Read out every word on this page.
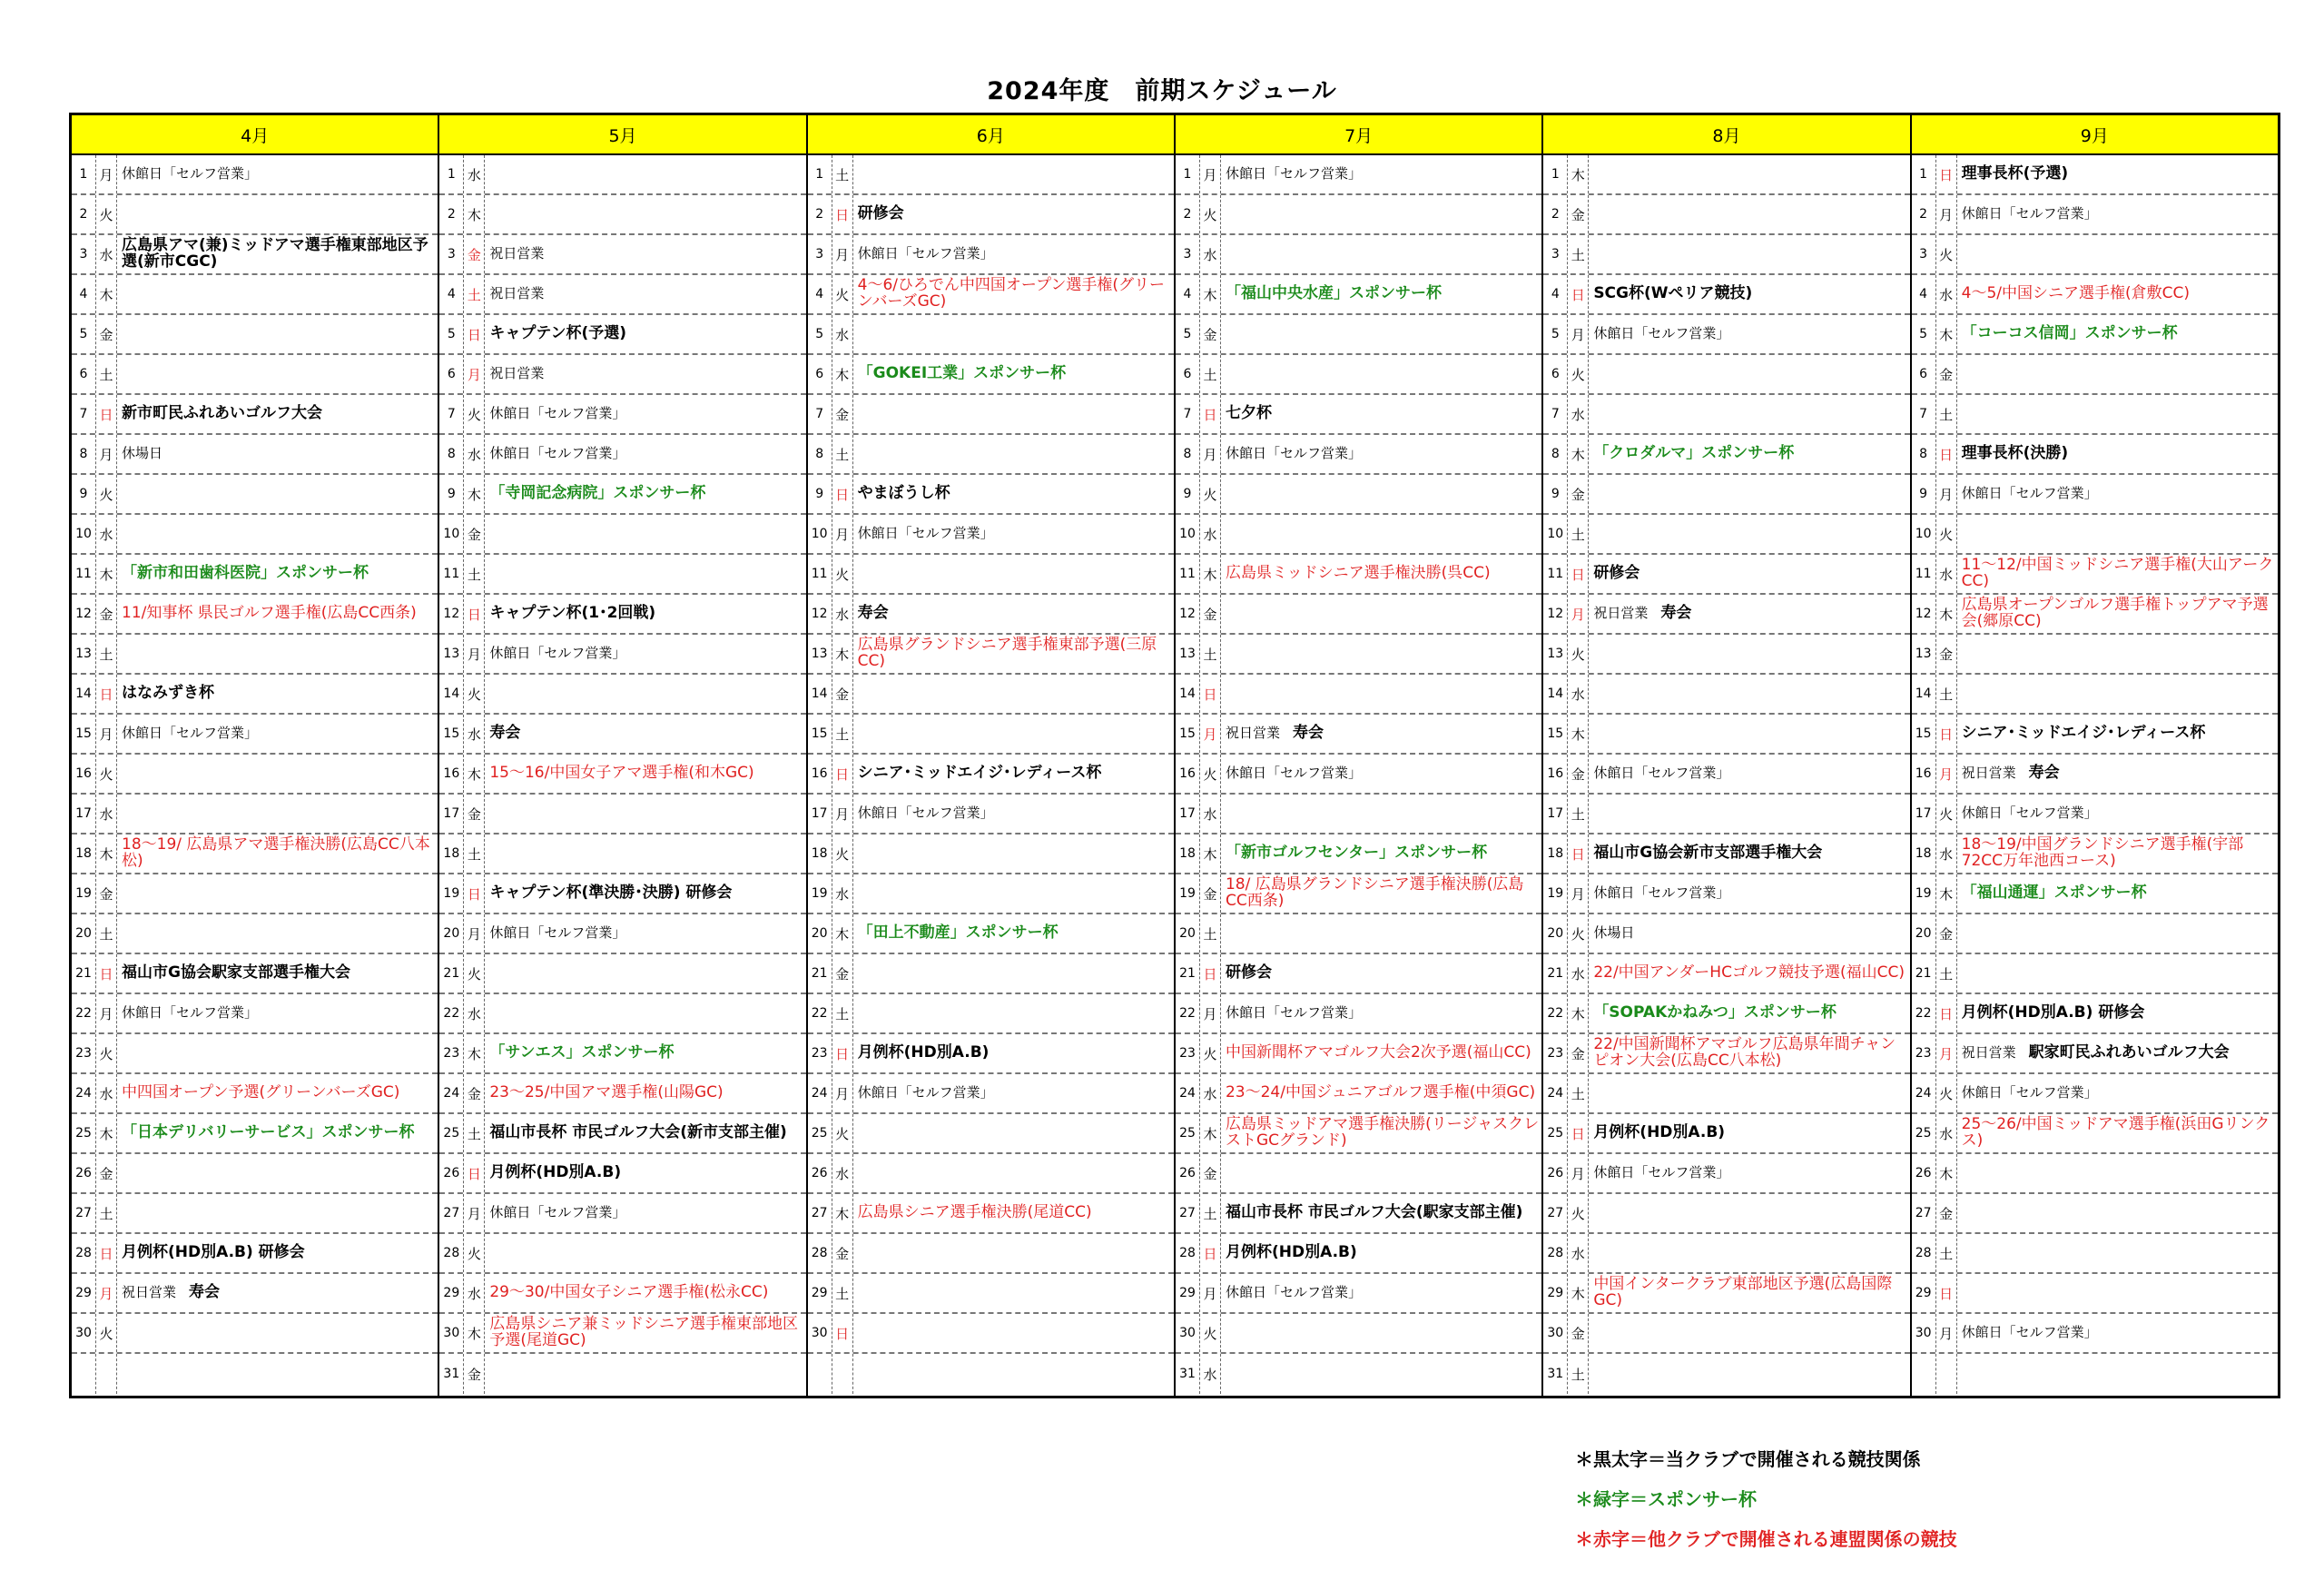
2024年度　前期スケジュール
4月
1 月 休館日「セルフ営業」
2 火
3 水
広島県アマ(兼)ミッドアマ選手権東部地区予選(新市CGC)
4 木
5 金
6 土
7 日 新市町民ふれあいゴルフ大会
8 月 休場日
9 火
10 水
11 木 「新市和田歯科医院」スポンサー杯
12 金 11/知事杯 県民ゴルフ選手権(広島CC西条)
13 土
14 日 はなみずき杯
15 月 休館日「セルフ営業」
16 火
17 水
18 木
18～19/ 広島県アマ選手権決勝(広島CC八本松)
19 金
20 土
21 日 福山市G協会駅家支部選手権大会
22 月 休館日「セルフ営業」
23 火
24 水 中四国オープン予選(グリーンバーズGC)
25 木 「日本デリバリーサービス」スポンサー杯
26 金
27 土
28 日 月例杯(HD別A.B) 研修会
29 月 祝日営業 寿会
30 火
5月
1 水
2 木
3 金 祝日営業
4 土 祝日営業
5 日 キャプテン杯(予選)
6 月 祝日営業
7 火 休館日「セルフ営業」
8 水 休館日「セルフ営業」
9 木 「寺岡記念病院」スポンサー杯
10 金
11 土
12 日 キャプテン杯(1･2回戦)
13 月 休館日「セルフ営業」
14 火
15 水 寿会
16 木 15～16/中国女子アマ選手権(和木GC)
17 金
18 土
19 日 キャプテン杯(準決勝･決勝) 研修会
20 月 休館日「セルフ営業」
21 火
22 水
23 木 「サンエス」スポンサー杯
24 金 23～25/中国アマ選手権(山陽GC)
25 土 福山市長杯 市民ゴルフ大会(新市支部主催)
26 日 月例杯(HD別A.B)
27 月 休館日「セルフ営業」
28 火
29 水 29～30/中国女子シニア選手権(松永CC)
30 木
広島県シニア兼ミッドシニア選手権東部地区予選(尾道GC)
31 金
6月
1 土
2 日 研修会
3 月 休館日「セルフ営業」
4 火
4～6/ひろでん中四国オープン選手権(グリーンバーズGC)
5 水
6 木 「GOKEI工業」スポンサー杯
7 金
8 土
9 日 やまぼうし杯
10 月 休館日「セルフ営業」
11 火
12 水 寿会
13 木
広島県グランドシニア選手権東部予選(三原CC)
14 金
15 土
16 日 シニア･ミッドエイジ･レディース杯
17 月 休館日「セルフ営業」
18 火
19 水
20 木 「田上不動産」スポンサー杯
21 金
22 土
23 日 月例杯(HD別A.B)
24 月 休館日「セルフ営業」
25 火
26 水
27 木 広島県シニア選手権決勝(尾道CC)
28 金
29 土
30 日
7月
1 月 休館日「セルフ営業」
2 火
3 水
4 木 「福山中央水産」スポンサー杯
5 金
6 土
7 日 七夕杯
8 月 休館日「セルフ営業」
9 火
10 水
11 木 広島県ミッドシニア選手権決勝(呉CC)
12 金
13 土
14 日
15 月 祝日営業 寿会
16 火 休館日「セルフ営業」
17 水
18 木 「新市ゴルフセンター」スポンサー杯
19 金
18/ 広島県グランドシニア選手権決勝(広島CC西条)
20 土
21 日 研修会
22 月 休館日「セルフ営業」
23 火 中国新聞杯アマゴルフ大会2次予選(福山CC)
24 水 23～24/中国ジュニアゴルフ選手権(中須GC)
25 木
広島県ミッドアマ選手権決勝(リージャスクレストGCグランド)
26 金
27 土 福山市長杯 市民ゴルフ大会(駅家支部主催)
28 日 月例杯(HD別A.B)
29 月 休館日「セルフ営業」
30 火
31 水
8月
1 木
2 金
3 土
4 日 SCG杯(Wペリア競技)
5 月 休館日「セルフ営業」
6 火
7 水
8 木 「クロダルマ」スポンサー杯
9 金
10 土
11 日 研修会
12 月 祝日営業 寿会
13 火
14 水
15 木
16 金 休館日「セルフ営業」
17 土
18 日 福山市G協会新市支部選手権大会
19 月 休館日「セルフ営業」
20 火 休場日
21 水 22/中国アンダーHCゴルフ競技予選(福山CC)
22 木 「SOPAKかねみつ」スポンサー杯
23 金
22/中国新聞杯アマゴルフ広島県年間チャンピオン大会(広島CC八本松)
24 土
25 日 月例杯(HD別A.B)
26 月 休館日「セルフ営業」
27 火
28 水
29 木
中国インタークラブ東部地区予選(広島国際GC)
30 金
31 土
9月
1 日 理事長杯(予選)
2 月 休館日「セルフ営業」
3 火
4 水 4～5/中国シニア選手権(倉敷CC)
5 木 「コーコス信岡」スポンサー杯
6 金
7 土
8 日 理事長杯(決勝)
9 月 休館日「セルフ営業」
10 火
11 水
11～12/中国ミッドシニア選手権(大山アークCC)
12 木
広島県オープンゴルフ選手権トップアマ予選会(郷原CC)
13 金
14 土
15 日 シニア･ミッドエイジ･レディース杯
16 月 祝日営業 寿会
17 火 休館日「セルフ営業」
18 水
18～19/中国グランドシニア選手権(宇部72CC万年池西コース)
19 木 「福山通運」スポンサー杯
20 金
21 土
22 日 月例杯(HD別A.B) 研修会
23 月 祝日営業 駅家町民ふれあいゴルフ大会
24 火 休館日「セルフ営業」
25 水
25～26/中国ミッドアマ選手権(浜田Gリンクス)
26 木
27 金
28 土
29 日
30 月 休館日「セルフ営業」
＊黒太字＝当クラブで開催される競技関係
＊緑字＝スポンサー杯
＊赤字＝他クラブで開催される連盟関係の競技
